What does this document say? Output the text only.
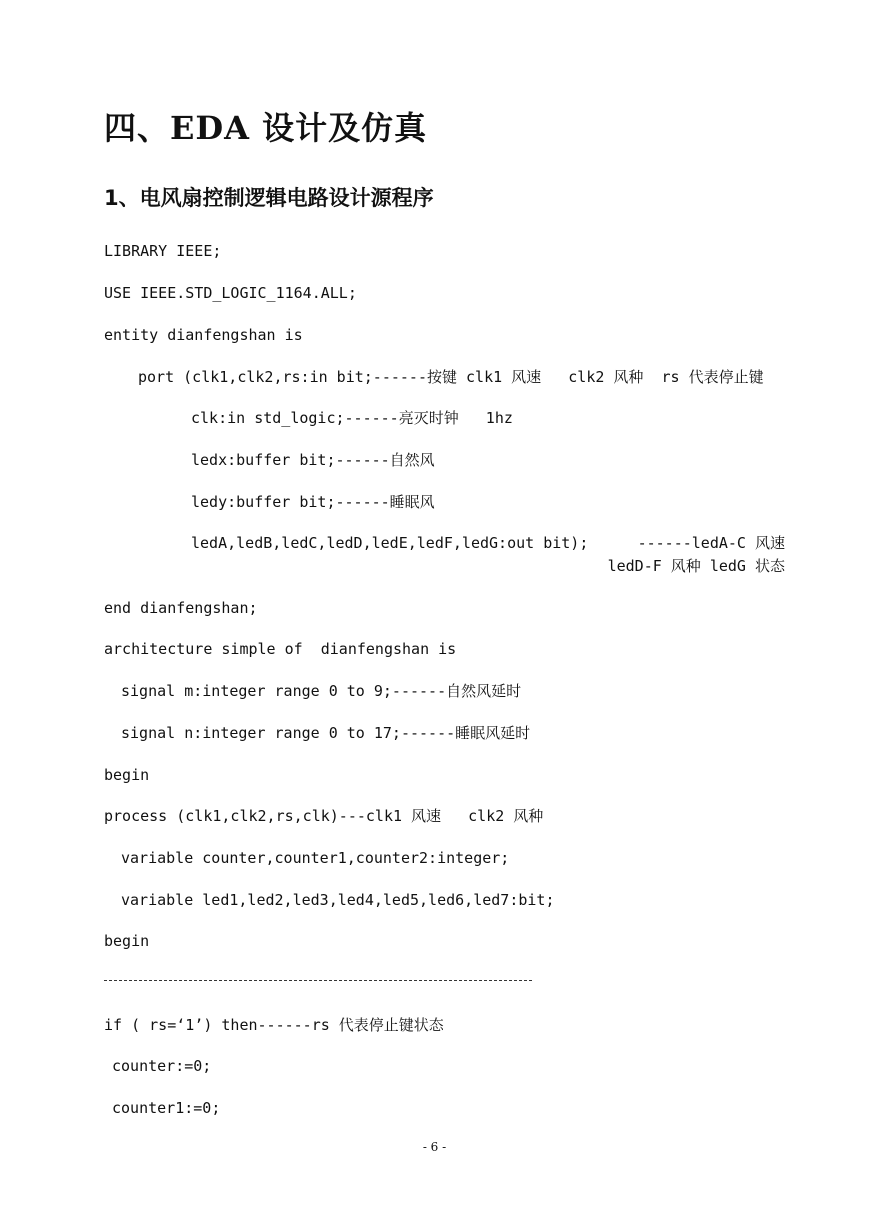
四、EDA 设计及仿真
1、电风扇控制逻辑电路设计源程序
LIBRARY IEEE;
USE IEEE.STD_LOGIC_1164.ALL;
entity dianfengshan is
port (clk1,clk2,rs:in bit;------按键 clk1 风速   clk2 风种  rs 代表停止键
clk:in std_logic;------亮灭时钟   1hz
ledx:buffer bit;------自然风
ledy:buffer bit;------睡眠风
ledA,ledB,ledC,ledD,ledE,ledF,ledG:out bit);	------ledA-C 风速
ledD-F 风种 ledG 状态
end dianfengshan;
architecture simple of  dianfengshan is
signal m:integer range 0 to 9;------自然风延时
signal n:integer range 0 to 17;------睡眠风延时
begin
process (clk1,clk2,rs,clk)---clk1 风速   clk2 风种
variable counter,counter1,counter2:integer;
variable led1,led2,led3,led4,led5,led6,led7:bit;
begin
if ( rs=‘1’) then------rs 代表停止键状态
counter:=0;
counter1:=0;
- 6 -
